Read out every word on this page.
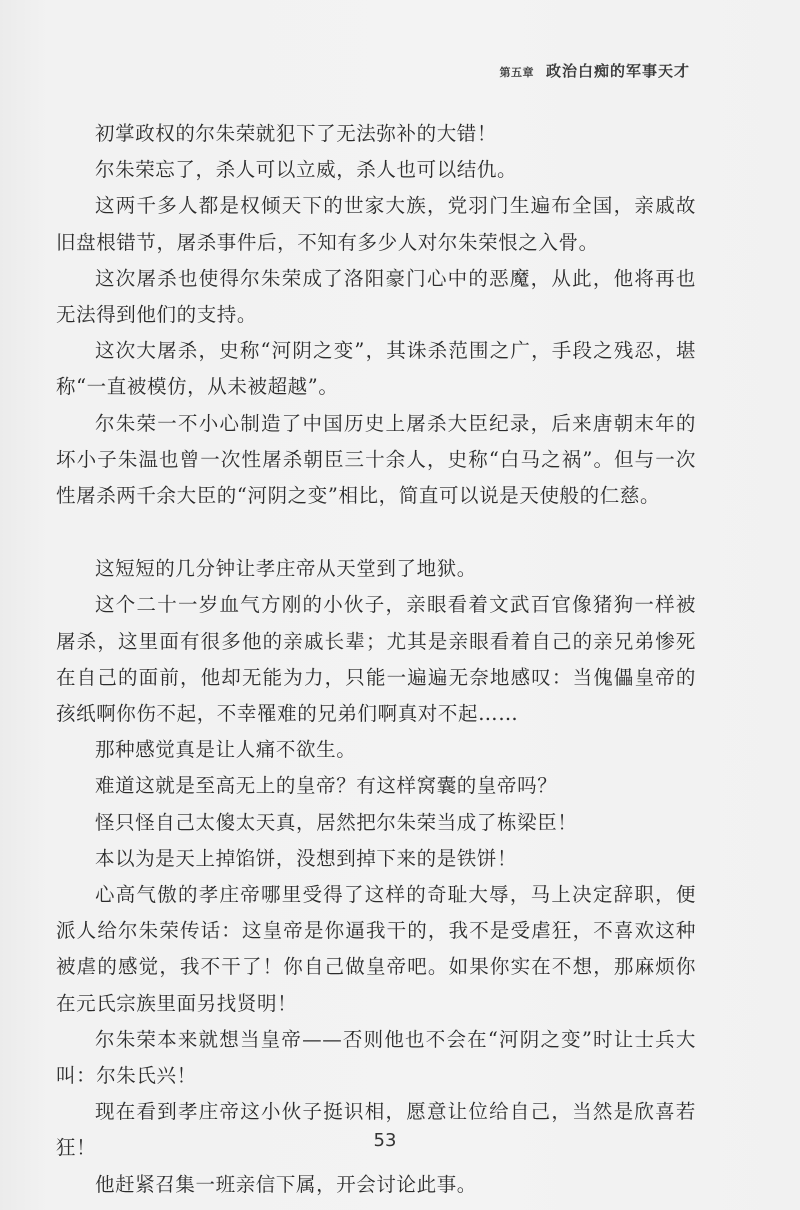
第五章 政治白痴的军事天才

初掌政权的尔朱荣就犯下了无法弥补的大错！

尔朱荣忘了，杀人可以立威，杀人也可以结仇。

这两千多人都是权倾天下的世家大族，党羽门生遍布全国，亲戚故旧盘根错节，屠杀事件后，不知有多少人对尔朱荣恨之入骨。

这次屠杀也使得尔朱荣成了洛阳豪门心中的恶魔，从此，他将再也无法得到他们的支持。

这次大屠杀，史称“河阴之变”，其诛杀范围之广，手段之残忍，堪称“一直被模仿，从未被超越”。

尔朱荣一不小心制造了中国历史上屠杀大臣纪录，后来唐朝末年的坏小子朱温也曾一次性屠杀朝臣三十余人，史称“白马之祸”。但与一次性屠杀两千余大臣的“河阴之变”相比，简直可以说是天使般的仁慈。

这短短的几分钟让孝庄帝从天堂到了地狱。

这个二十一岁血气方刚的小伙子，亲眼看着文武百官像猪狗一样被屠杀，这里面有很多他的亲戚长辈；尤其是亲眼看着自己的亲兄弟惨死在自己的面前，他却无能为力，只能一遍遍无奈地感叹：当傀儡皇帝的孩纸啊你伤不起，不幸罹难的兄弟们啊真对不起……

那种感觉真是让人痛不欲生。

难道这就是至高无上的皇帝？有这样窝囊的皇帝吗？

怪只怪自己太傻太天真，居然把尔朱荣当成了栋梁臣！

本以为是天上掉馅饼，没想到掉下来的是铁饼！

心高气傲的孝庄帝哪里受得了这样的奇耻大辱，马上决定辞职，便派人给尔朱荣传话：这皇帝是你逼我干的，我不是受虐狂，不喜欢这种被虐的感觉，我不干了！你自己做皇帝吧。如果你实在不想，那麻烦你在元氏宗族里面另找贤明！

尔朱荣本来就想当皇帝——否则他也不会在“河阴之变”时让士兵大叫：尔朱氏兴！

现在看到孝庄帝这小伙子挺识相，愿意让位给自己，当然是欣喜若狂！

他赶紧召集一班亲信下属，开会讨论此事。

53
